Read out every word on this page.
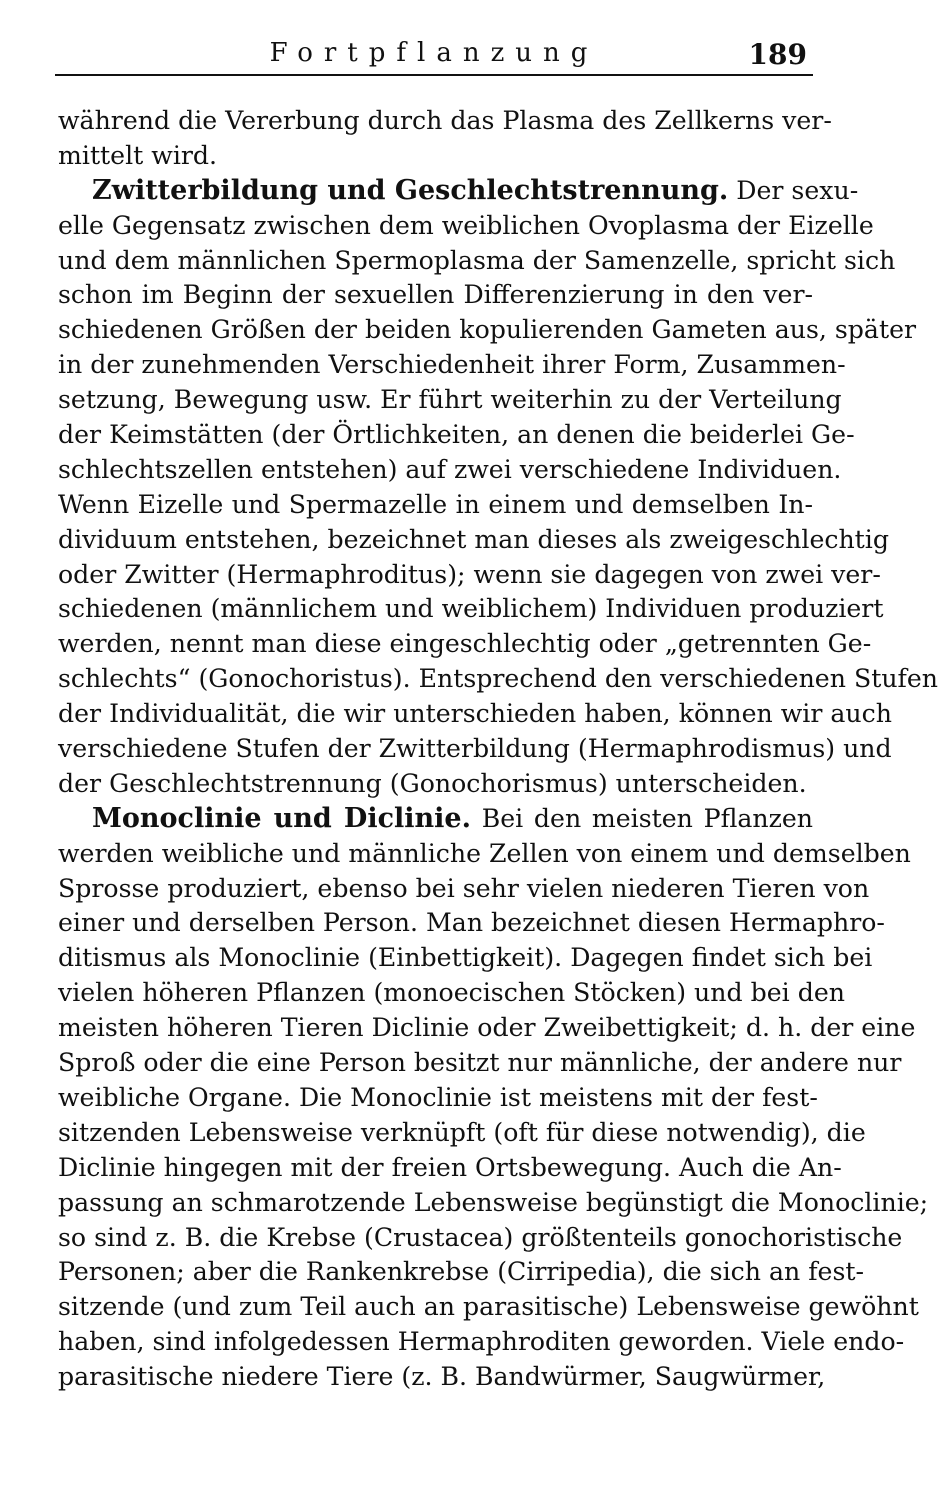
Fortpflanzung	189
während die Vererbung durch das Plasma des Zellkerns ver-
mittelt wird.
Zwitterbildung und Geschlechtstrennung. Der sexu-
elle Gegensatz zwischen dem weiblichen Ovoplasma der Eizelle
und dem männlichen Spermoplasma der Samenzelle, spricht sich
schon im Beginn der sexuellen Differenzierung in den ver-
schiedenen Größen der beiden kopulierenden Gameten aus, später
in der zunehmenden Verschiedenheit ihrer Form, Zusammen-
setzung, Bewegung usw. Er führt weiterhin zu der Verteilung
der Keimstätten (der Örtlichkeiten, an denen die beiderlei Ge-
schlechtszellen entstehen) auf zwei verschiedene Individuen.
Wenn Eizelle und Spermazelle in einem und demselben In-
dividuum entstehen, bezeichnet man dieses als zweigeschlechtig
oder Zwitter (Hermaphroditus); wenn sie dagegen von zwei ver-
schiedenen (männlichem und weiblichem) Individuen produziert
werden, nennt man diese eingeschlechtig oder „getrennten Ge-
schlechts“ (Gonochoristus). Entsprechend den verschiedenen Stufen
der Individualität, die wir unterschieden haben, können wir auch
verschiedene Stufen der Zwitterbildung (Hermaphrodismus) und
der Geschlechtstrennung (Gonochorismus) unterscheiden.
Monoclinie und Diclinie. Bei den meisten Pflanzen
werden weibliche und männliche Zellen von einem und demselben
Sprosse produziert, ebenso bei sehr vielen niederen Tieren von
einer und derselben Person. Man bezeichnet diesen Hermaphro-
ditismus als Monoclinie (Einbettigkeit). Dagegen findet sich bei
vielen höheren Pflanzen (monoecischen Stöcken) und bei den
meisten höheren Tieren Diclinie oder Zweibettigkeit; d. h. der eine
Sproß oder die eine Person besitzt nur männliche, der andere nur
weibliche Organe. Die Monoclinie ist meistens mit der fest-
sitzenden Lebensweise verknüpft (oft für diese notwendig), die
Diclinie hingegen mit der freien Ortsbewegung. Auch die An-
passung an schmarotzende Lebensweise begünstigt die Monoclinie;
so sind z. B. die Krebse (Crustacea) größtenteils gonochoristische
Personen; aber die Rankenkrebse (Cirripedia), die sich an fest-
sitzende (und zum Teil auch an parasitische) Lebensweise gewöhnt
haben, sind infolgedessen Hermaphroditen geworden. Viele endo-
parasitische niedere Tiere (z. B. Bandwürmer, Saugwürmer,
